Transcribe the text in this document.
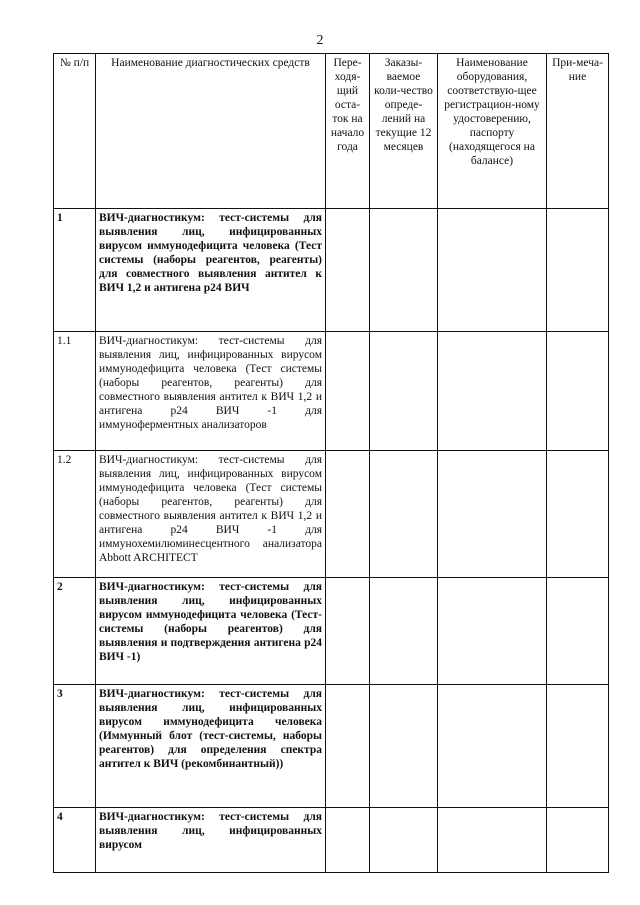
2
№ п/п	Наименование диагностических средств	Пере-ходя-щий оста-ток на начало года	Заказы-ваемое коли-чество опреде-лений на текущие 12 месяцев	Наименование оборудования, соответствую-щее регистрацион-ному удостоверению, паспорту (находящегося на балансе)	При-меча-ние
1	ВИЧ-диагностикум: тест-системы для выявления лиц, инфицированных вирусом иммунодефицита человека (Тест системы (наборы реагентов, реагенты) для совместного выявления антител к ВИЧ 1,2 и антигена р24 ВИЧ				
1.1	ВИЧ-диагностикум: тест-системы для выявления лиц, инфицированных вирусом иммунодефицита человека (Тест системы (наборы реагентов, реагенты) для совместного выявления антител к ВИЧ 1,2 и антигена р24 ВИЧ -1 для иммуноферментных анализаторов				
1.2	ВИЧ-диагностикум: тест-системы для выявления лиц, инфицированных вирусом иммунодефицита человека (Тест системы (наборы реагентов, реагенты) для совместного выявления антител к ВИЧ 1,2 и антигена р24 ВИЧ -1 для иммунохемилюминесцентного анализатора Abbott ARCHITECT				
2	ВИЧ-диагностикум: тест-системы для выявления лиц, инфицированных вирусом иммунодефицита человека (Тест-системы (наборы реагентов) для выявления и подтверждения антигена р24 ВИЧ -1)				
3	ВИЧ-диагностикум: тест-системы для выявления лиц, инфицированных вирусом иммунодефицита человека (Иммунный блот (тест-системы, наборы реагентов) для определения спектра антител к ВИЧ (рекомбинантный))				
4	ВИЧ-диагностикум: тест-системы для выявления лиц, инфицированных вирусом				
